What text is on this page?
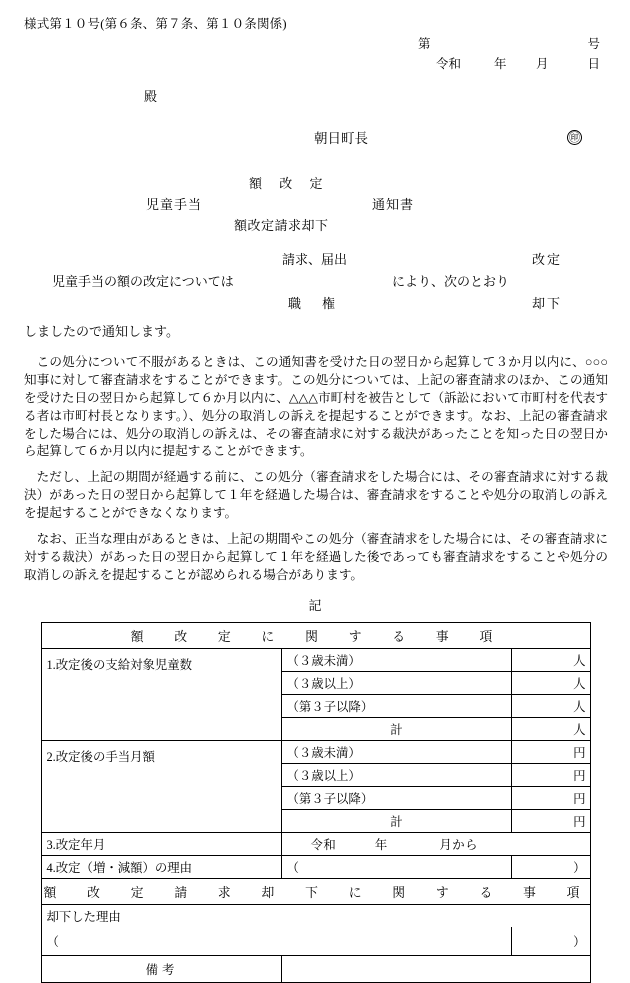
様式第１０号(第６条、第７条、第１０条関係)
第	号
令和	年	月	日
殿
朝日町長	㊞
児童手当
額 改 定
額改定請求却下
通知書
児童手当の額の改定については
請求、届出
職　権
により、次のとおり
改定
却下
しましたので通知します。
この処分について不服があるときは、この通知書を受けた日の翌日から起算して３か月以内に、○○○知事に対して審査請求をすることができます。この処分については、上記の審査請求のほか、この通知を受けた日の翌日から起算して６か月以内に、△△△市町村を被告として（訴訟において市町村を代表する者は市町村長となります。）、処分の取消しの訴えを提起することができます。なお、上記の審査請求をした場合には、処分の取消しの訴えは、その審査請求に対する裁決があったことを知った日の翌日から起算して６か月以内に提起することができます。
ただし、上記の期間が経過する前に、この処分（審査請求をした場合には、その審査請求に対する裁決）があった日の翌日から起算して１年を経過した場合は、審査請求をすることや処分の取消しの訴えを提起することができなくなります。
なお、正当な理由があるときは、上記の期間やこの処分（審査請求をした場合には、その審査請求に対する裁決）があった日の翌日から起算して１年を経過した後であっても審査請求をすることや処分の取消しの訴えを提起することが認められる場合があります。
記
額　改　定　に　関　す　る　事　項		
1.改定後の支給対象児童数	（３歳未満）	人
	（３歳以上）	人
	（第３子以降）	人
	計	人
2.改定後の手当月額	（３歳未満）	円
	（３歳以上）	円
	（第３子以降）	円
	計	円
3.改定年月	令和　　　年　　　　月から	
4.改定（増・減額）の理由	（	）
額　改　定　請　求　却　下　に　関　す　る　事　項		
却下した理由		
（		）
備考		
